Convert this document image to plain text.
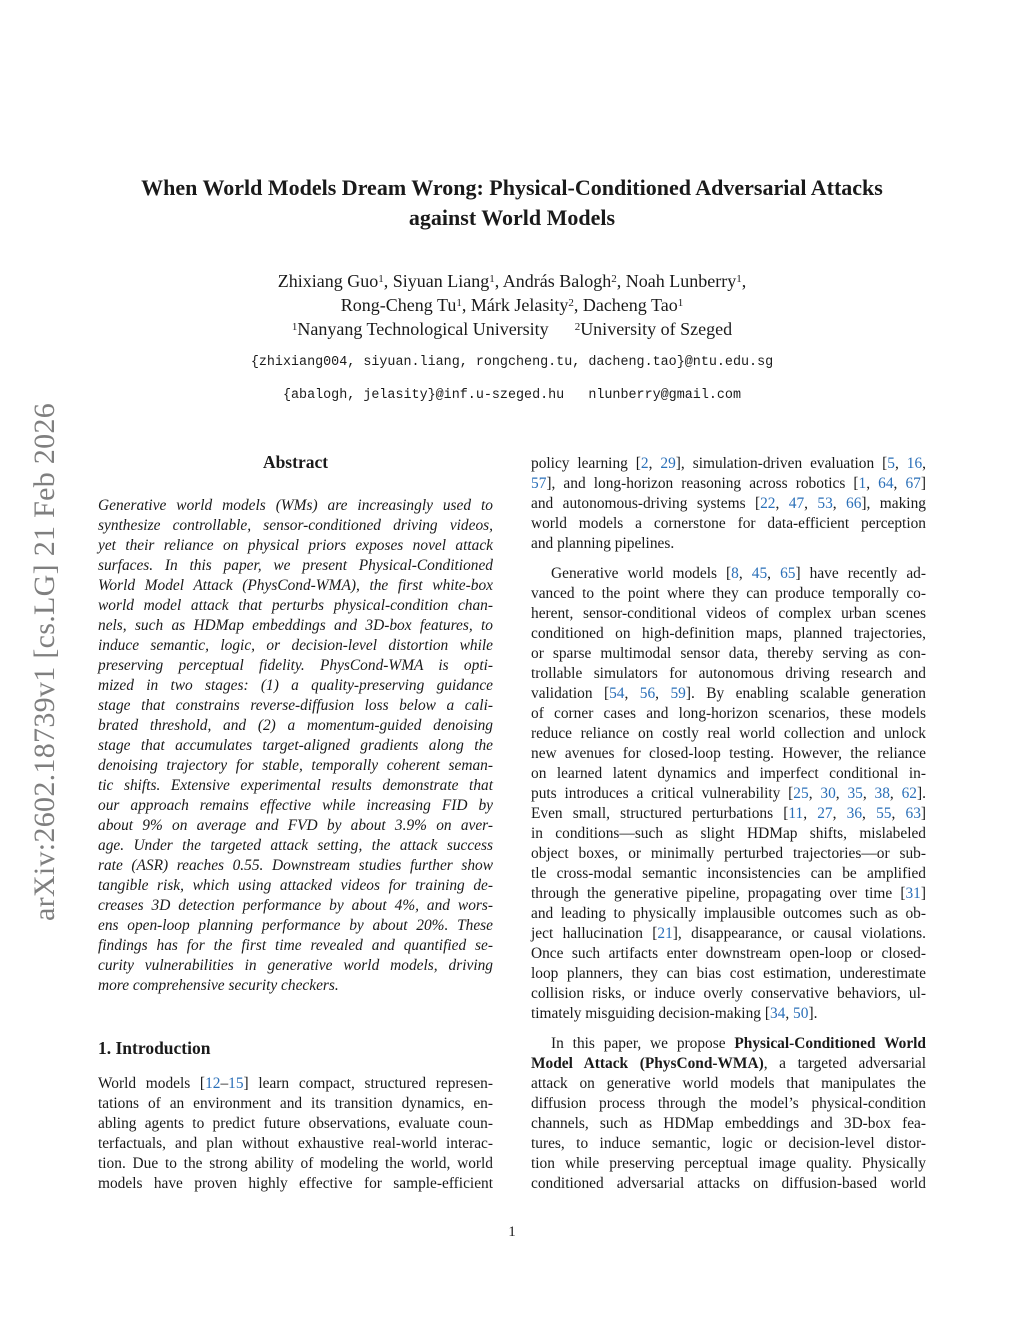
arXiv:2602.18739v1 [cs.LG] 21 Feb 2026
When World Models Dream Wrong: Physical-Conditioned Adversarial Attacks
against World Models
Zhixiang Guo$^1$, Siyuan Liang$^1$, András Balogh$^2$, Noah Lunberry$^1$,
Rong-Cheng Tu$^1$, Márk Jelasity$^2$, Dacheng Tao$^1$
$^1$Nanyang Technological University $^2$University of Szeged
{zhixiang004, siyuan.liang, rongcheng.tu, dacheng.tao}@ntu.edu.sg
{abalogh, jelasity}@inf.u-szeged.hu   nlunberry@gmail.com
Abstract
Generative world models (WMs) are increasingly used to
synthesize controllable, sensor-conditioned driving videos,
yet their reliance on physical priors exposes novel attack
surfaces. In this paper, we present Physical-Conditioned
World Model Attack (PhysCond-WMA), the first white-box
world model attack that perturbs physical-condition chan-
nels, such as HDMap embeddings and 3D-box features, to
induce semantic, logic, or decision-level distortion while
preserving perceptual fidelity. PhysCond-WMA is opti-
mized in two stages: (1) a quality-preserving guidance
stage that constrains reverse-diffusion loss below a cali-
brated threshold, and (2) a momentum-guided denoising
stage that accumulates target-aligned gradients along the
denoising trajectory for stable, temporally coherent seman-
tic shifts. Extensive experimental results demonstrate that
our approach remains effective while increasing FID by
about 9% on average and FVD by about 3.9% on aver-
age. Under the targeted attack setting, the attack success
rate (ASR) reaches 0.55. Downstream studies further show
tangible risk, which using attacked videos for training de-
creases 3D detection performance by about 4%, and wors-
ens open-loop planning performance by about 20%. These
findings has for the first time revealed and quantified se-
curity vulnerabilities in generative world models, driving
more comprehensive security checkers.
1. Introduction
World models [12–15] learn compact, structured represen-
tations of an environment and its transition dynamics, en-
abling agents to predict future observations, evaluate coun-
terfactuals, and plan without exhaustive real-world interac-
tion. Due to the strong ability of modeling the world, world
models have proven highly effective for sample-efficient
policy learning [2, 29], simulation-driven evaluation [5, 16,
57], and long-horizon reasoning across robotics [1, 64, 67]
and autonomous-driving systems [22, 47, 53, 66], making
world models a cornerstone for data-efficient perception
and planning pipelines.
Generative world models [8, 45, 65] have recently ad-
vanced to the point where they can produce temporally co-
herent, sensor-conditional videos of complex urban scenes
conditioned on high-definition maps, planned trajectories,
or sparse multimodal sensor data, thereby serving as con-
trollable simulators for autonomous driving research and
validation [54, 56, 59]. By enabling scalable generation
of corner cases and long-horizon scenarios, these models
reduce reliance on costly real world collection and unlock
new avenues for closed-loop testing. However, the reliance
on learned latent dynamics and imperfect conditional in-
puts introduces a critical vulnerability [25, 30, 35, 38, 62].
Even small, structured perturbations [11, 27, 36, 55, 63]
in conditions—such as slight HDMap shifts, mislabeled
object boxes, or minimally perturbed trajectories—or sub-
tle cross-modal semantic inconsistencies can be amplified
through the generative pipeline, propagating over time [31]
and leading to physically implausible outcomes such as ob-
ject hallucination [21], disappearance, or causal violations.
Once such artifacts enter downstream open-loop or closed-
loop planners, they can bias cost estimation, underestimate
collision risks, or induce overly conservative behaviors, ul-
timately misguiding decision-making [34, 50].
In this paper, we propose Physical-Conditioned World
Model Attack (PhysCond-WMA), a targeted adversarial
attack on generative world models that manipulates the
diffusion process through the model’s physical-condition
channels, such as HDMap embeddings and 3D-box fea-
tures, to induce semantic, logic or decision-level distor-
tion while preserving perceptual image quality. Physically
conditioned adversarial attacks on diffusion-based world
1
